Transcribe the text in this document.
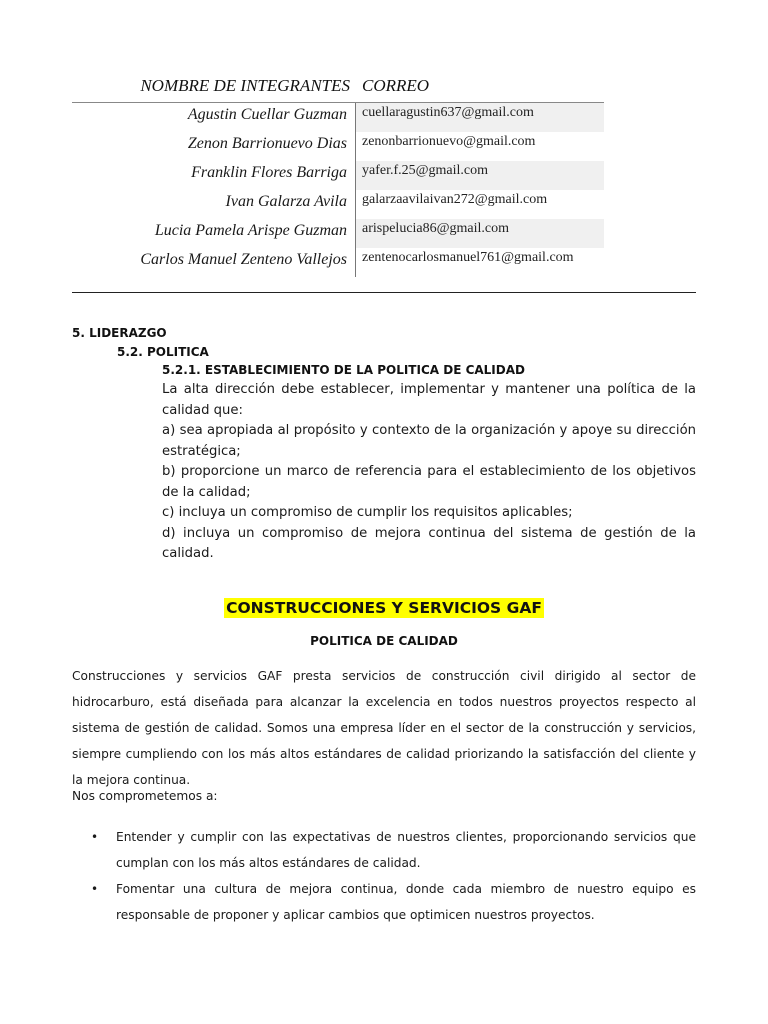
NOMBRE DE INTEGRANTES CORREO
Agustin Cuellar Guzman	cuellaragustin637@gmail.com
Zenon Barrionuevo Dias	zenonbarrionuevo@gmail.com
Franklin Flores Barriga	yafer.f.25@gmail.com
Ivan Galarza Avila	galarzaavilaivan272@gmail.com
Lucia Pamela Arispe Guzman	arispelucia86@gmail.com
Carlos Manuel Zenteno Vallejos	zentenocarlosmanuel761@gmail.com
5. LIDERAZGO
5.2. POLITICA
5.2.1. ESTABLECIMIENTO DE LA POLITICA DE CALIDAD

La alta dirección debe establecer, implementar y mantener una política de la calidad que:

a) sea apropiada al propósito y contexto de la organización y apoye su dirección estratégica;

b) proporcione un marco de referencia para el establecimiento de los objetivos de la calidad;

c) incluya un compromiso de cumplir los requisitos aplicables;

d) incluya un compromiso de mejora continua del sistema de gestión de la calidad.

CONSTRUCCIONES Y SERVICIOS GAF
POLITICA DE CALIDAD

Construcciones y servicios GAF presta servicios de construcción civil dirigido al sector de hidrocarburo, está diseñada para alcanzar la excelencia en todos nuestros proyectos respecto al sistema de gestión de calidad. Somos una empresa líder en el sector de la construcción y servicios, siempre cumpliendo con los más altos estándares de calidad priorizando la satisfacción del cliente y la mejora continua.

Nos comprometemos a:

• Entender y cumplir con las expectativas de nuestros clientes, proporcionando servicios que cumplan con los más altos estándares de calidad.
• Fomentar una cultura de mejora continua, donde cada miembro de nuestro equipo es responsable de proponer y aplicar cambios que optimicen nuestros proyectos.
